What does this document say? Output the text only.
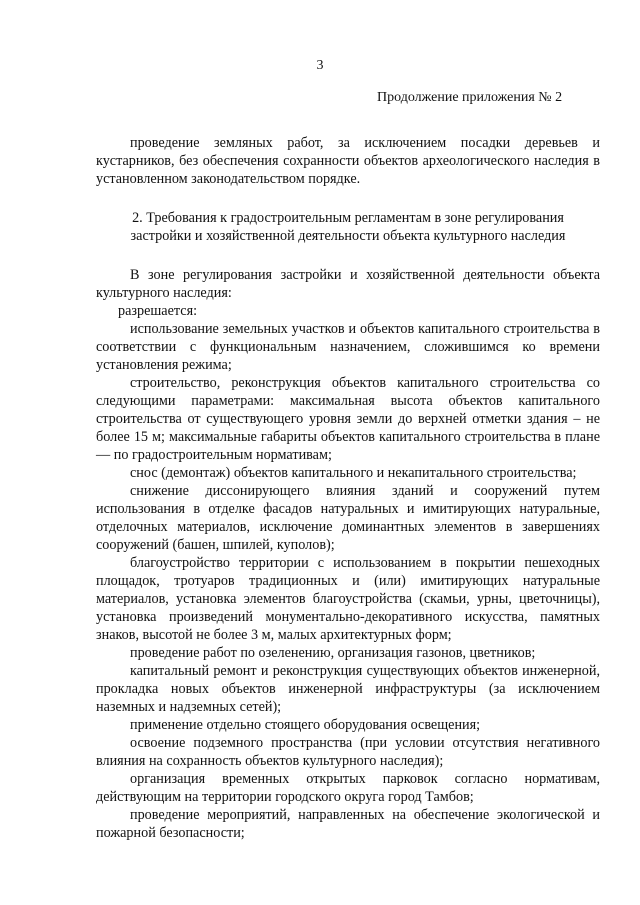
3
Продолжение приложения № 2

проведение земляных работ, за исключением посадки деревьев и кустарников, без обеспечения сохранности объектов археологического наследия в установленном законодательством порядке.

2. Требования к градостроительным регламентам в зоне регулирования застройки и хозяйственной деятельности объекта культурного наследия

В зоне регулирования застройки и хозяйственной деятельности объекта культурного наследия:

разрешается:

использование земельных участков и объектов капитального строительства в соответствии с функциональным назначением, сложившимся ко времени установления режима;

строительство, реконструкция объектов капитального строительства со следующими параметрами: максимальная высота объектов капитального строительства от существующего уровня земли до верхней отметки здания – не более 15 м; максимальные габариты объектов капитального строительства в плане — по градостроительным нормативам;

снос (демонтаж) объектов капитального и некапитального строительства;

снижение диссонирующего влияния зданий и сооружений путем использования в отделке фасадов натуральных и имитирующих натуральные, отделочных материалов, исключение доминантных элементов в завершениях сооружений (башен, шпилей, куполов);

благоустройство территории с использованием в покрытии пешеходных площадок, тротуаров традиционных и (или) имитирующих натуральные материалов, установка элементов благоустройства (скамьи, урны, цветочницы), установка произведений монументально-декоративного искусства, памятных знаков, высотой не более 3 м, малых архитектурных форм;

проведение работ по озеленению, организация газонов, цветников;

капитальный ремонт и реконструкция существующих объектов инженерной, прокладка новых объектов инженерной инфраструктуры (за исключением наземных и надземных сетей);

применение отдельно стоящего оборудования освещения;

освоение подземного пространства (при условии отсутствия негативного влияния на сохранность объектов культурного наследия);

организация временных открытых парковок согласно нормативам, действующим на территории городского округа город Тамбов;

проведение мероприятий, направленных на обеспечение экологической и пожарной безопасности;
